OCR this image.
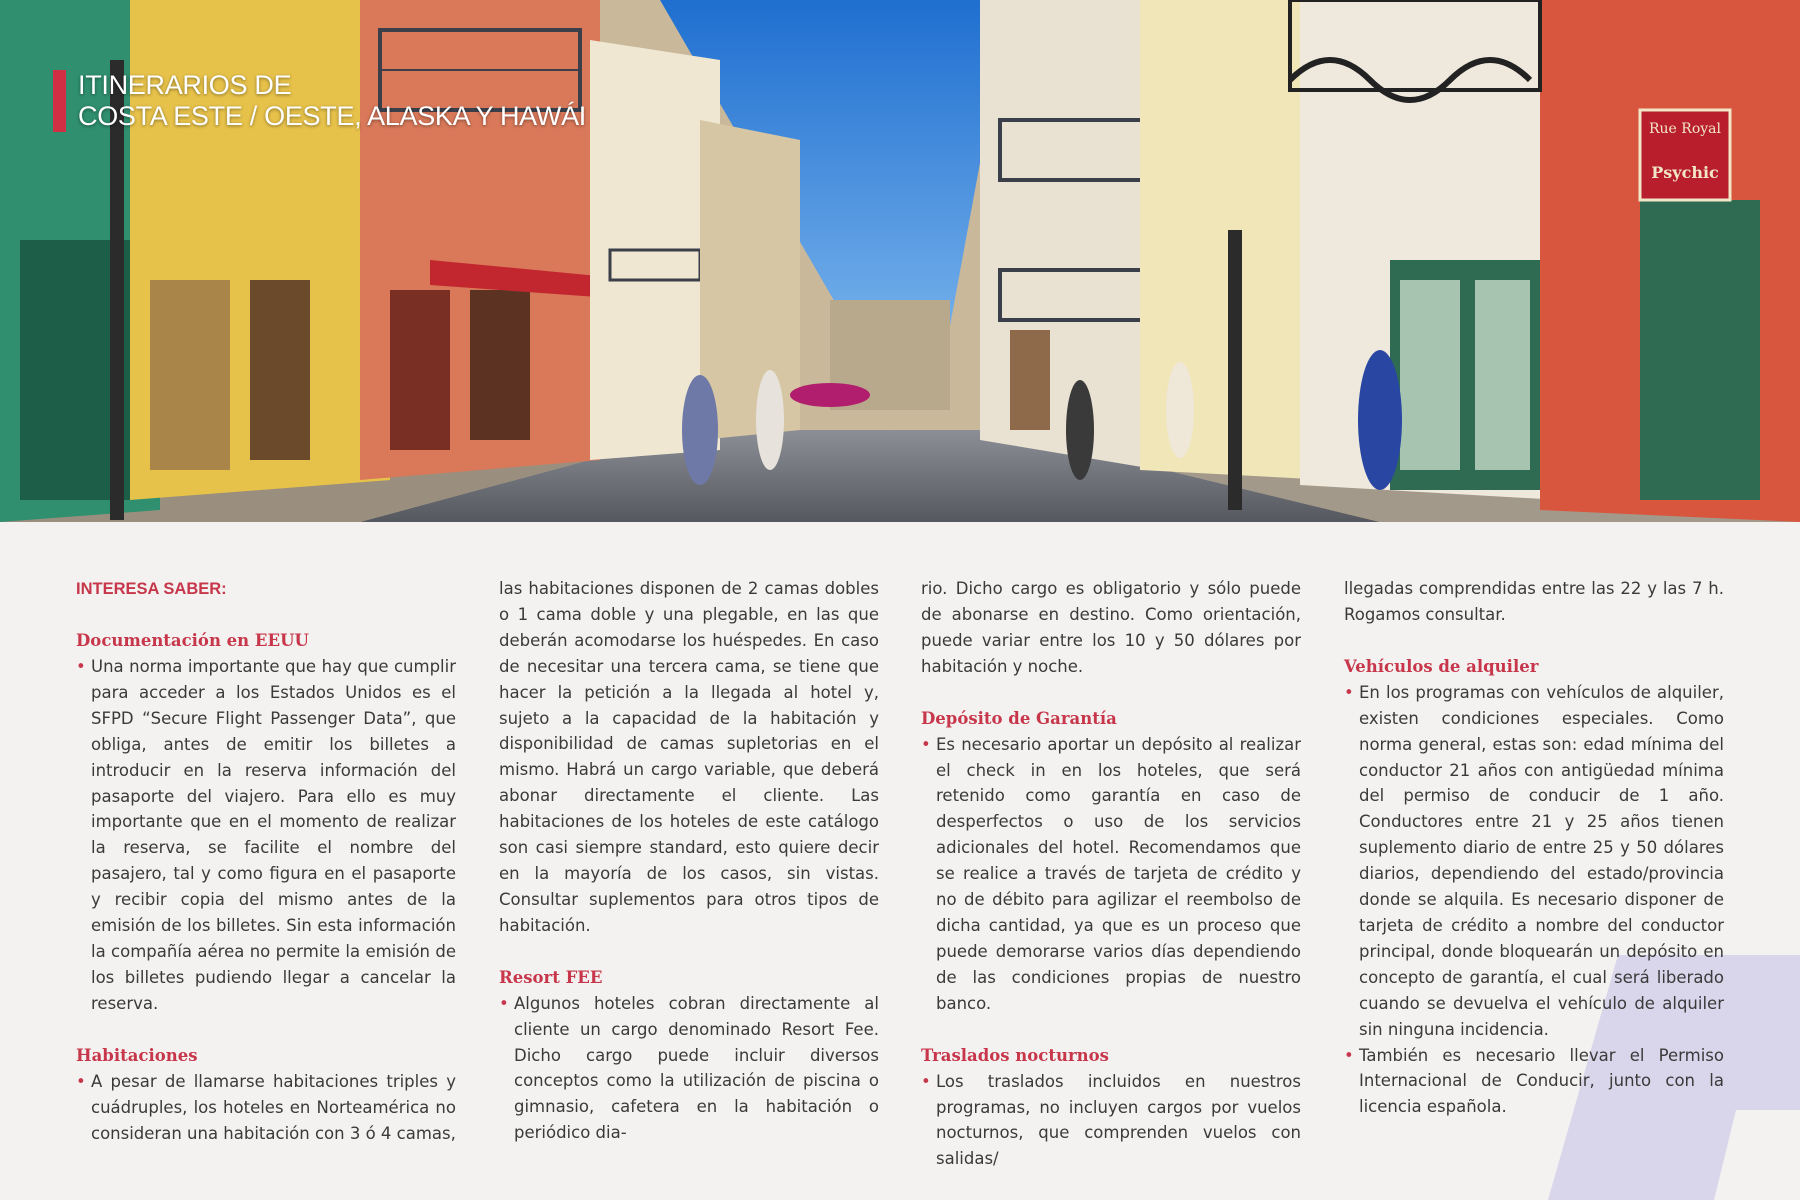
Rue Royal
Psychic
ITINERARIOS DE
COSTA ESTE / OESTE, ALASKA Y HAWÁI
INTERESA SABER:
Documentación en EEUU
• Una norma importante que hay que cumplir para acceder a los Estados Unidos es el SFPD “Secure Flight Passenger Data”, que obliga, antes de emitir los billetes a introducir en la reserva información del pasaporte del viajero. Para ello es muy importante que en el momento de realizar la reserva, se facilite el nombre del pasajero, tal y como figura en el pasaporte y recibir copia del mismo antes de la emisión de los billetes. Sin esta información la compañía aérea no permite la emisión de los billetes pudiendo llegar a cancelar la reserva.
Habitaciones
• A pesar de llamarse habitaciones triples y cuádruples, los hoteles en Norteamérica no consideran una habitación con 3 ó 4 camas,

las habitaciones disponen de 2 camas dobles o 1 cama doble y una plegable, en las que deberán acomodarse los huéspedes. En caso de necesitar una tercera cama, se tiene que hacer la petición a la llegada al hotel y, sujeto a la capacidad de la habitación y disponibilidad de camas supletorias en el mismo. Habrá un cargo variable, que deberá abonar directamente el cliente. Las habitaciones de los hoteles de este catálogo son casi siempre standard, esto quiere decir en la mayoría de los casos, sin vistas. Consultar suplementos para otros tipos de habitación.

Resort FEE
• Algunos hoteles cobran directamente al cliente un cargo denominado Resort Fee. Dicho cargo puede incluir diversos conceptos como la utilización de piscina o gimnasio, cafetera en la habitación o periódico dia-

rio. Dicho cargo es obligatorio y sólo puede de abonarse en destino. Como orientación, puede variar entre los 10 y 50 dólares por habitación y noche.

Depósito de Garantía
• Es necesario aportar un depósito al realizar el check in en los hoteles, que será retenido como garantía en caso de desperfectos o uso de los servicios adicionales del hotel. Recomendamos que se realice a través de tarjeta de crédito y no de débito para agilizar el reembolso de dicha cantidad, ya que es un proceso que puede demorarse varios días dependiendo de las condiciones propias de nuestro banco.
Traslados nocturnos
• Los traslados incluidos en nuestros programas, no incluyen cargos por vuelos nocturnos, que comprenden vuelos con salidas/

llegadas comprendidas entre las 22 y las 7 h. Rogamos consultar.

Vehículos de alquiler
• En los programas con vehículos de alquiler, existen condiciones especiales. Como norma general, estas son: edad mínima del conductor 21 años con antigüedad mínima del permiso de conducir de 1 año. Conductores entre 21 y 25 años tienen suplemento diario de entre 25 y 50 dólares diarios, dependiendo del estado/provincia donde se alquila. Es necesario disponer de tarjeta de crédito a nombre del conductor principal, donde bloquearán un depósito en concepto de garantía, el cual será liberado cuando se devuelva el vehículo de alquiler sin ninguna incidencia.
• También es necesario llevar el Permiso Internacional de Conducir, junto con la licencia española.
